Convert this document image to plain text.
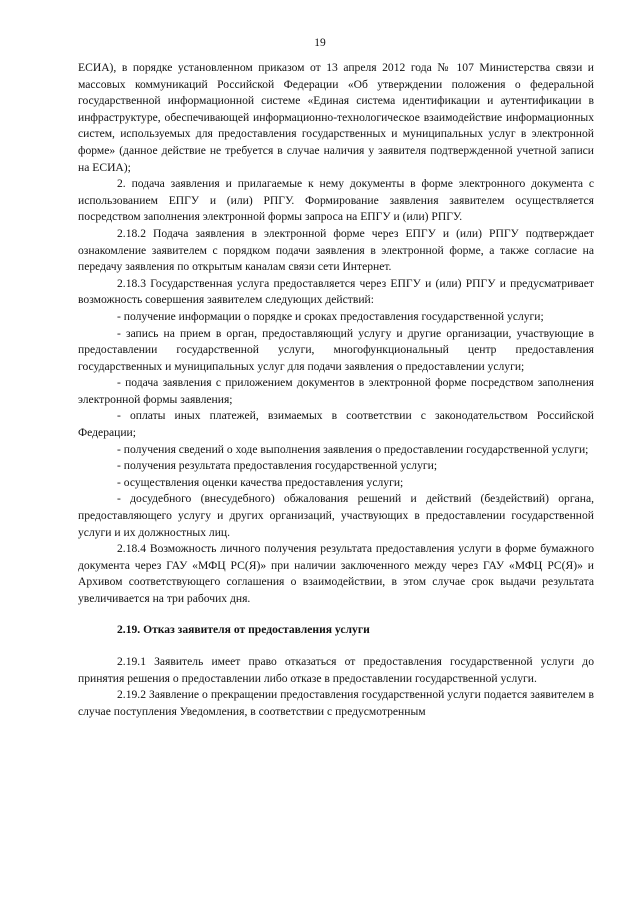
19

ЕСИА), в порядке установленном приказом от 13 апреля 2012 года № 107 Министерства связи и массовых коммуникаций Российской Федерации «Об утверждении положения о федеральной государственной информационной системе «Единая система идентификации и аутентификации в инфраструктуре, обеспечивающей информационно-технологическое взаимодействие информационных систем, используемых для предоставления государственных и муниципальных услуг в электронной форме» (данное действие не требуется в случае наличия у заявителя подтвержденной учетной записи на ЕСИА);

2. подача заявления и прилагаемые к нему документы в форме электронного документа с использованием ЕПГУ и (или) РПГУ. Формирование заявления заявителем осуществляется посредством заполнения электронной формы запроса на ЕПГУ и (или) РПГУ.

2.18.2 Подача заявления в электронной форме через ЕПГУ и (или) РПГУ подтверждает ознакомление заявителем с порядком подачи заявления в электронной форме, а также согласие на передачу заявления по открытым каналам связи сети Интернет.

2.18.3 Государственная услуга предоставляется через ЕПГУ и (или) РПГУ и предусматривает возможность совершения заявителем следующих действий:

- получение информации о порядке и сроках предоставления государственной услуги;

- запись на прием в орган, предоставляющий услугу и другие организации, участвующие в предоставлении государственной услуги, многофункциональный центр предоставления государственных и муниципальных услуг для подачи заявления о предоставлении услуги;

- подача заявления с приложением документов в электронной форме посредством заполнения электронной формы заявления;

- оплаты иных платежей, взимаемых в соответствии с законодательством Российской Федерации;

- получения сведений о ходе выполнения заявления о предоставлении государственной услуги;

- получения результата предоставления государственной услуги;

- осуществления оценки качества предоставления услуги;

- досудебного (внесудебного) обжалования решений и действий (бездействий) органа, предоставляющего услугу и других организаций, участвующих в предоставлении государственной услуги и их должностных лиц.

2.18.4 Возможность личного получения результата предоставления услуги в форме бумажного документа через ГАУ «МФЦ РС(Я)» при наличии заключенного между через ГАУ «МФЦ РС(Я)» и Архивом соответствующего соглашения о взаимодействии, в этом случае срок выдачи результата увеличивается на три рабочих дня.

2.19. Отказ заявителя от предоставления услуги

2.19.1 Заявитель имеет право отказаться от предоставления государственной услуги до принятия решения о предоставлении либо отказе в предоставлении государственной услуги.

2.19.2 Заявление о прекращении предоставления государственной услуги подается заявителем в случае поступления Уведомления, в соответствии с предусмотренным
